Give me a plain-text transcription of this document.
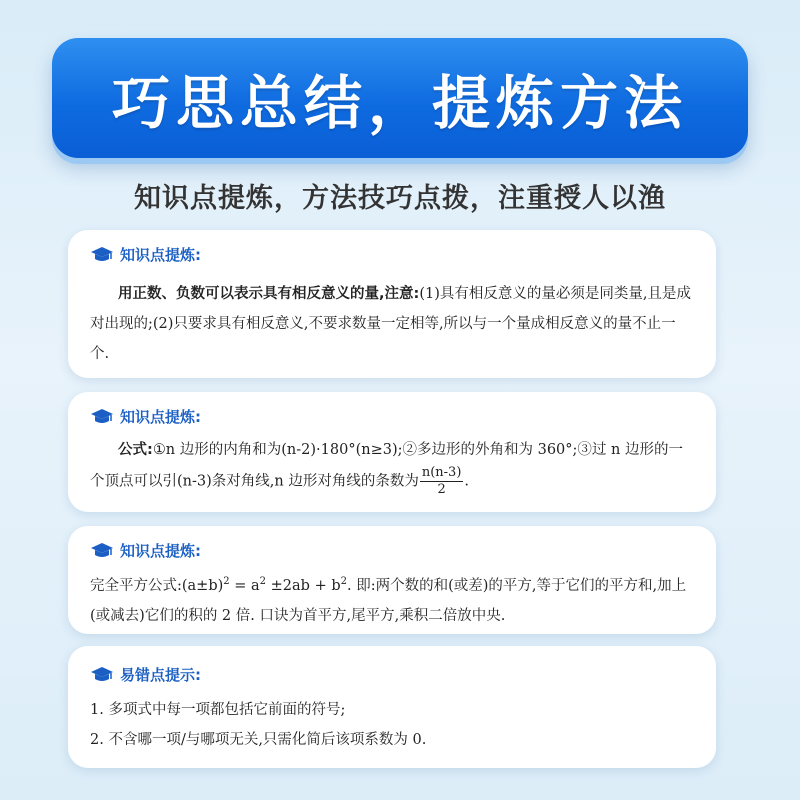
巧思总结，提炼方法
知识点提炼，方法技巧点拨，注重授人以渔
知识点提炼:
用正数、负数可以表示具有相反意义的量,注意:(1)具有相反意义的量必须是同类量,且是成对出现的;(2)只要求具有相反意义,不要求数量一定相等,所以与一个量成相反意义的量不止一个.
知识点提炼:
公式:①n 边形的内角和为(n-2)·180°(n≥3);②多边形的外角和为 360°;③过 n 边形的一个顶点可以引(n-3)条对角线,n 边形对角线的条数为 $\frac{n(n-3)}{2}$ .
知识点提炼:
完全平方公式$:(a\pm b)^2 = a^2 \pm 2ab + b^2$. 即:两个数的和(或差)的平方,等于它们的平方和,加上(或减去)它们的积的 2 倍. 口诀为首平方,尾平方,乘积二倍放中央.
易错点提示:
1. 多项式中每一项都包括它前面的符号;
2. 不含哪一项/与哪项无关,只需化简后该项系数为 0.
